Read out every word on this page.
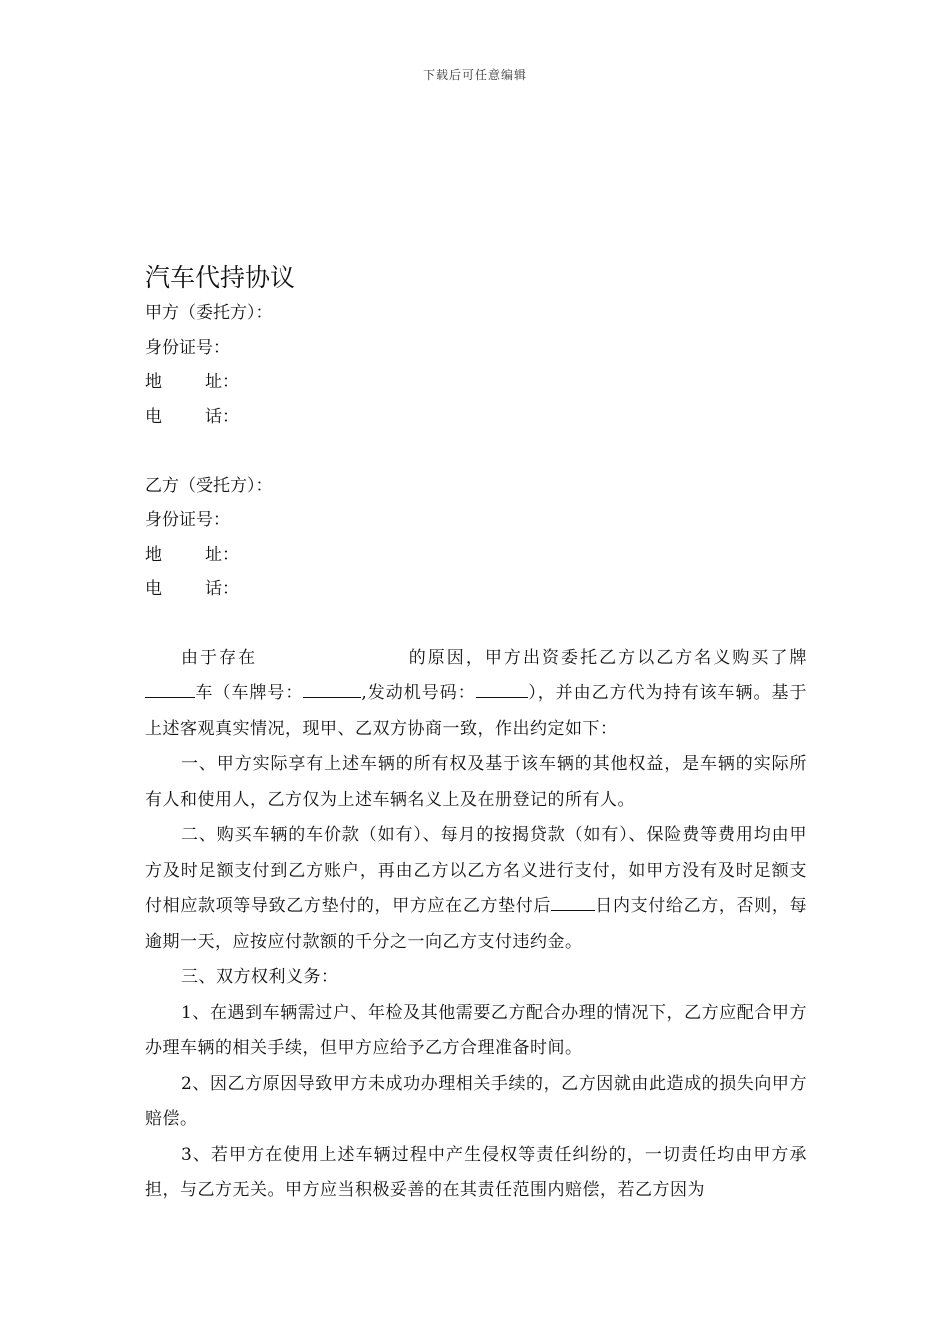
下载后可任意编辑
汽车代持协议
甲方（委托方）：
身份证号：
地	址：
电	话：
乙方（受托方）：
身份证号：
地	址：
电	话：

由于存在	的原因，甲方出资委托乙方以乙方名义购买了牌车（车牌号：	,发动机号码：	），并由乙方代为持有该车辆。基于上述客观真实情况，现甲、乙双方协商一致，作出约定如下：

一、甲方实际享有上述车辆的所有权及基于该车辆的其他权益，是车辆的实际所有人和使用人，乙方仅为上述车辆名义上及在册登记的所有人。

二、购买车辆的车价款（如有）、每月的按揭贷款（如有）、保险费等费用均由甲方及时足额支付到乙方账户，再由乙方以乙方名义进行支付，如甲方没有及时足额支付相应款项等导致乙方垫付的，甲方应在乙方垫付后	日内支付给乙方，否则，每逾期一天，应按应付款额的千分之一向乙方支付违约金。

三、双方权利义务：

1、在遇到车辆需过户、年检及其他需要乙方配合办理的情况下，乙方应配合甲方办理车辆的相关手续，但甲方应给予乙方合理准备时间。

2、因乙方原因导致甲方未成功办理相关手续的，乙方因就由此造成的损失向甲方赔偿。

3、若甲方在使用上述车辆过程中产生侵权等责任纠纷的，一切责任均由甲方承担，与乙方无关。甲方应当积极妥善的在其责任范围内赔偿，若乙方因为
